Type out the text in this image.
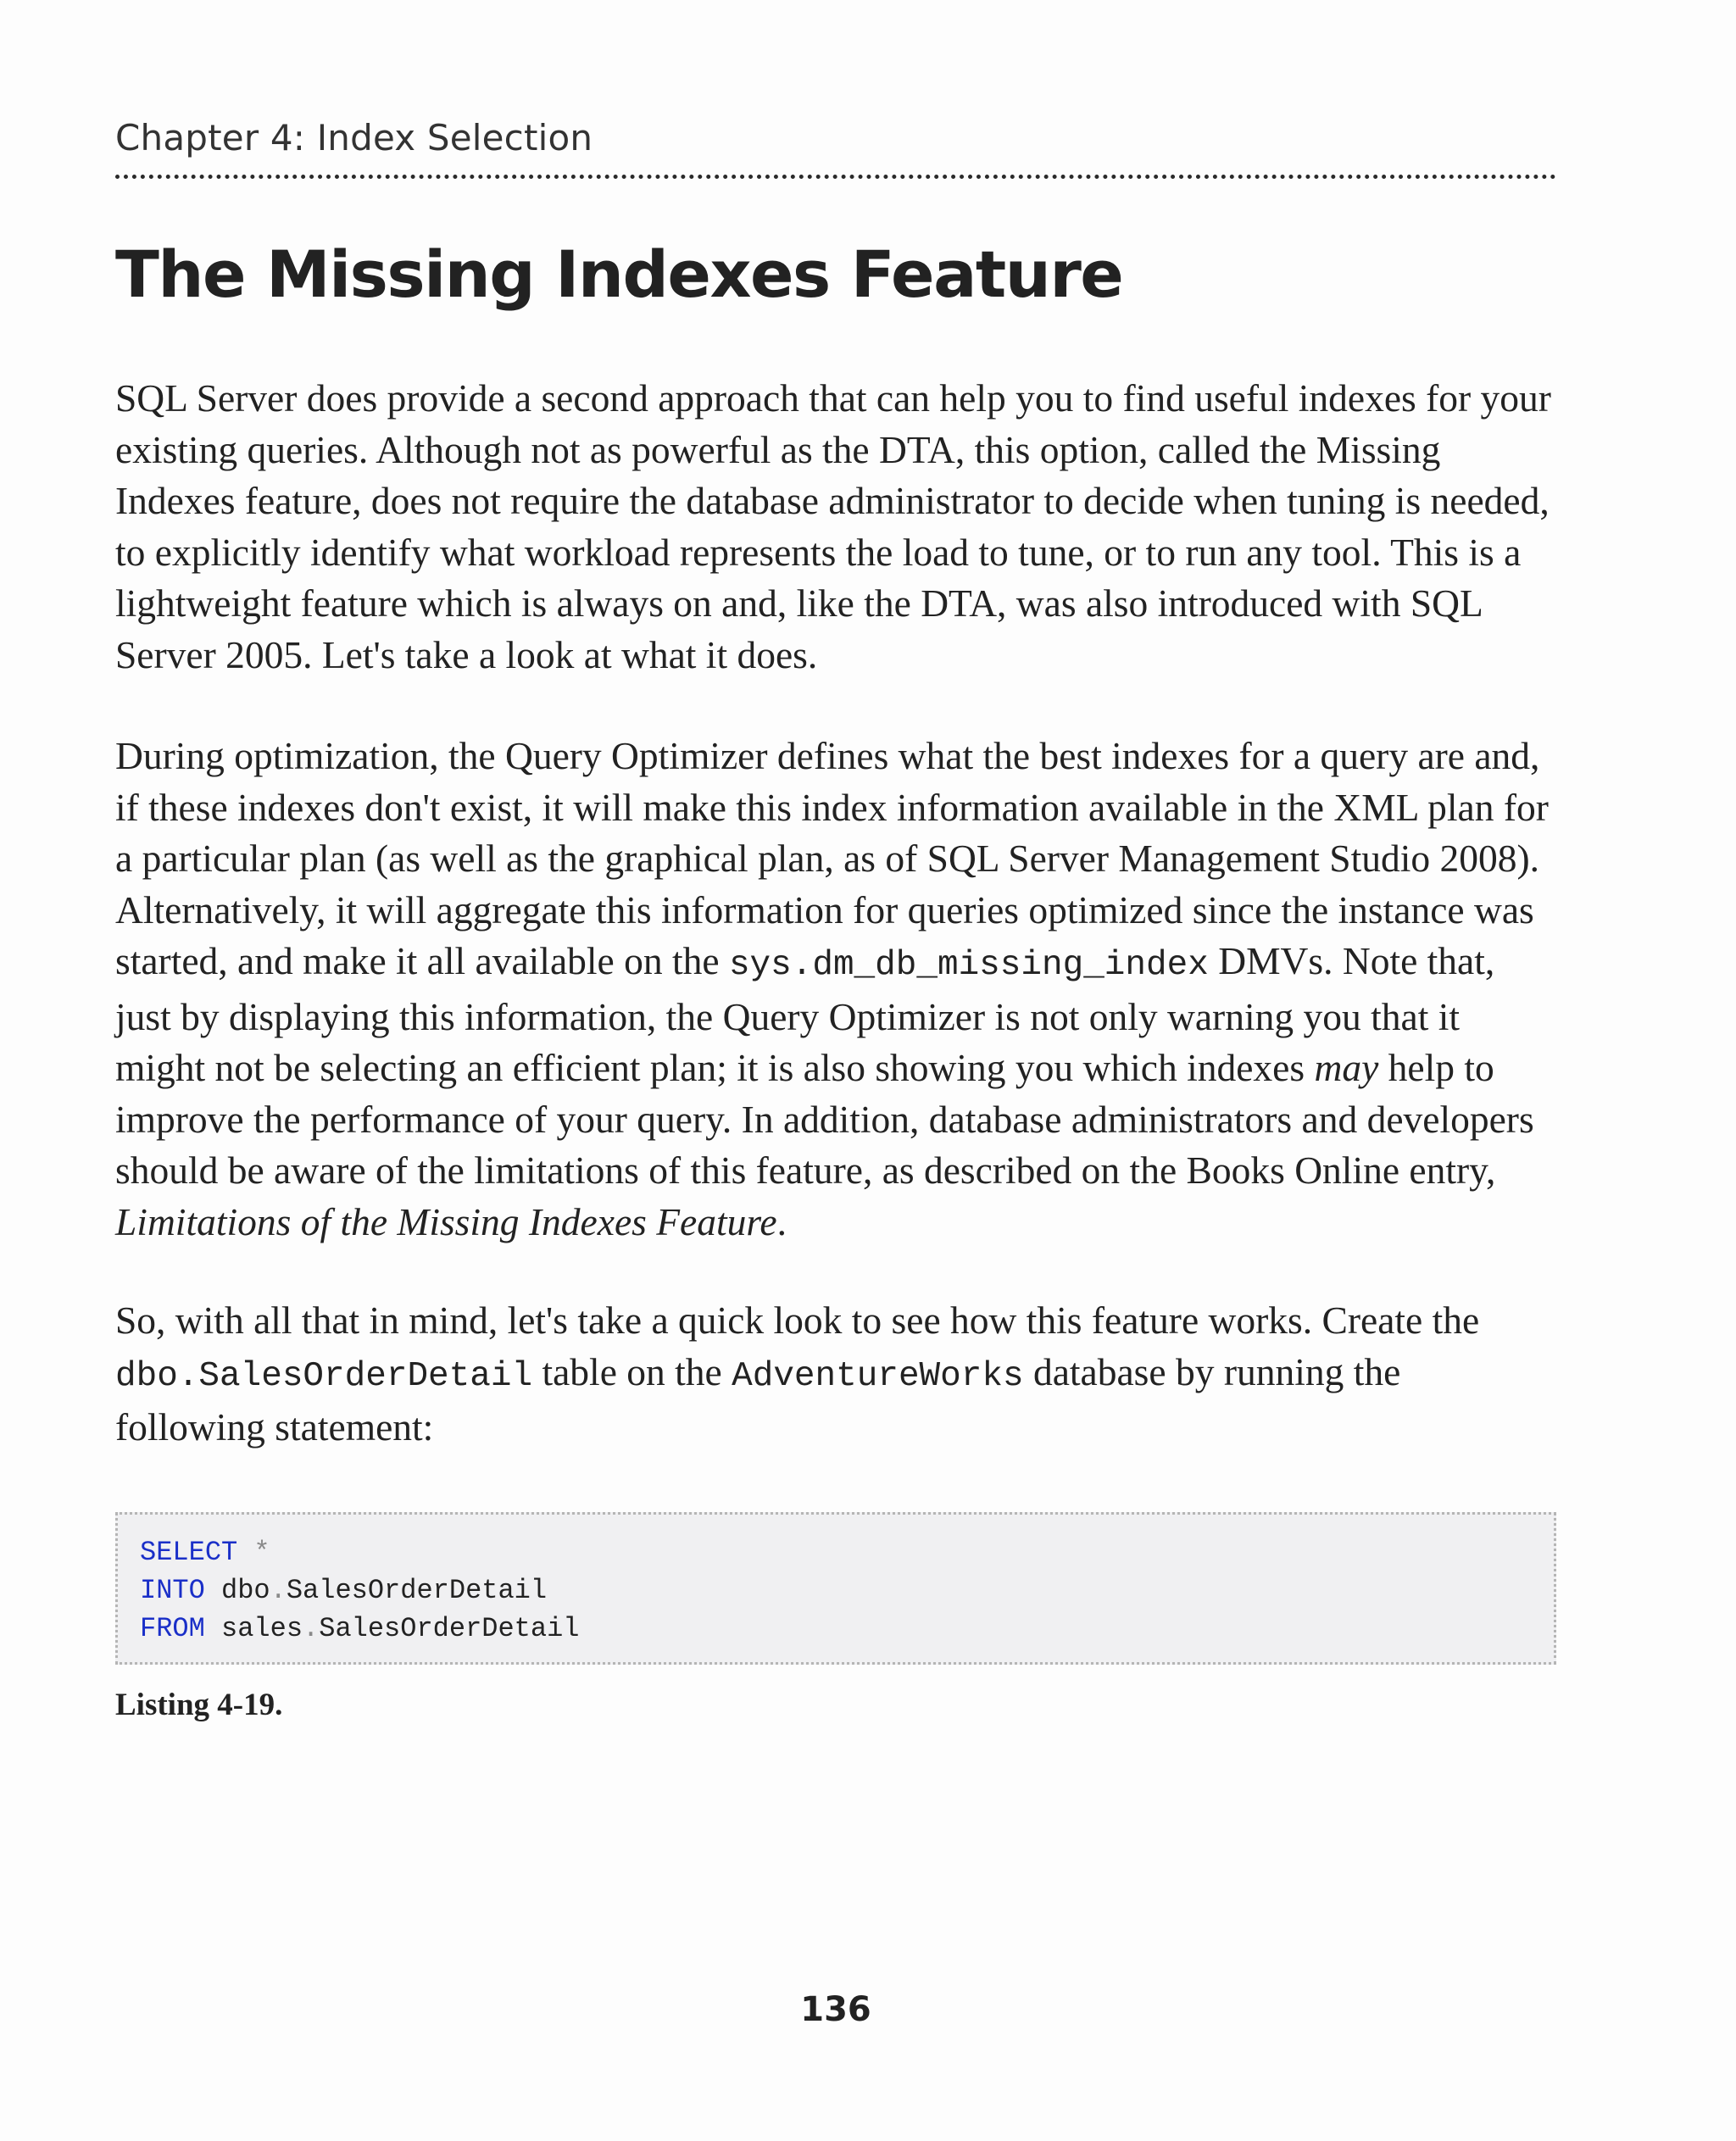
Chapter 4: Index Selection
The Missing Indexes Feature

SQL Server does provide a second approach that can help you to find useful indexes for your existing queries. Although not as powerful as the DTA, this option, called the Missing Indexes feature, does not require the database administrator to decide when tuning is needed, to explicitly identify what workload represents the load to tune, or to run any tool. This is a lightweight feature which is always on and, like the DTA, was also introduced with SQL Server 2005. Let's take a look at what it does.

During optimization, the Query Optimizer defines what the best indexes for a query are and, if these indexes don't exist, it will make this index information available in the XML plan for a particular plan (as well as the graphical plan, as of SQL Server Management Studio 2008). Alternatively, it will aggregate this information for queries optimized since the instance was started, and make it all available on the sys.dm_db_missing_index DMVs. Note that, just by displaying this information, the Query Optimizer is not only warning you that it might not be selecting an efficient plan; it is also showing you which indexes may help to improve the performance of your query. In addition, database administrators and developers should be aware of the limitations of this feature, as described on the Books Online entry, Limitations of the Missing Indexes Feature.

So, with all that in mind, let's take a quick look to see how this feature works. Create the dbo.SalesOrderDetail table on the AdventureWorks database by running the following statement:

SELECT *
INTO dbo.SalesOrderDetail
FROM sales.SalesOrderDetail
Listing 4-19.
136
